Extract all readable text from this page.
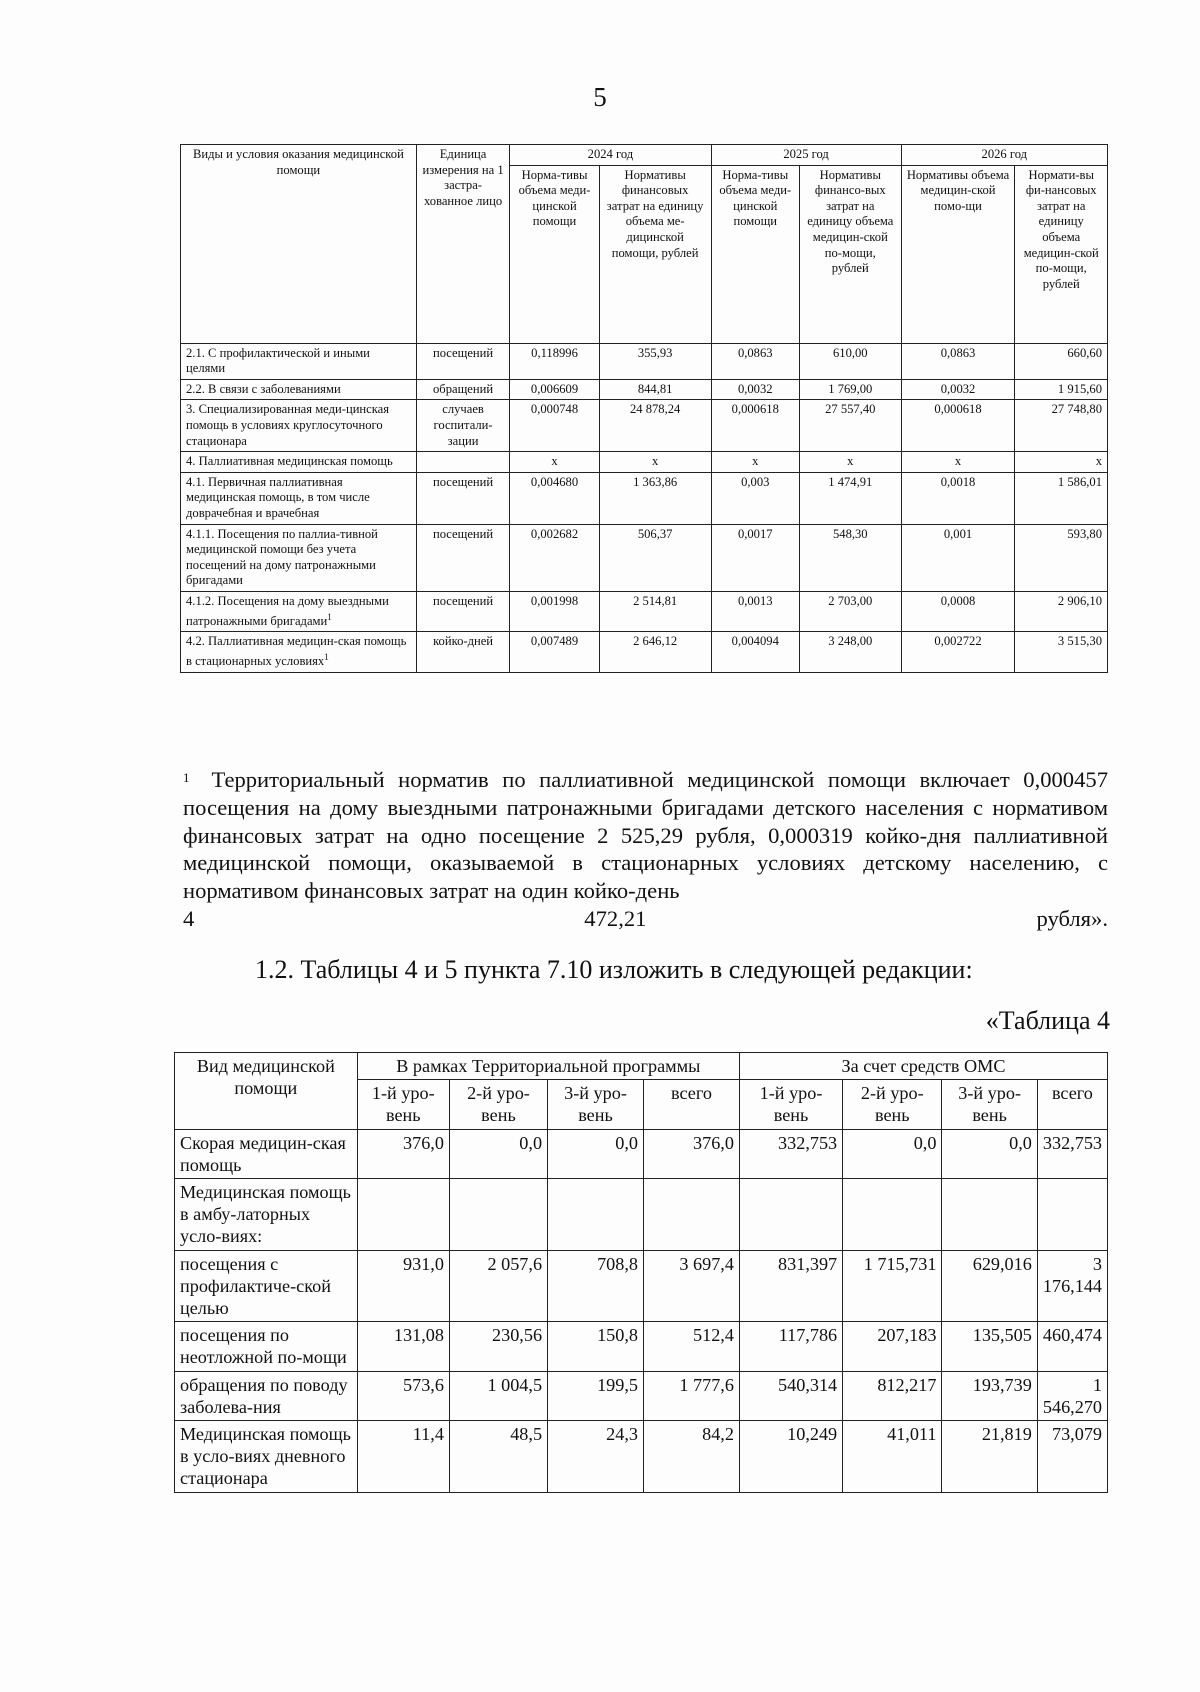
5
Виды и условия оказания медицинской помощи	Единица измерения на 1 застра-хованное лицо	2024 год		2025 год		2026 год	
		Норма-тивы объема меди-цинской помощи	Нормативы финансовых затрат на единицу объема ме-дицинской помощи, рублей	Норма-тивы объема меди-цинской помощи	Нормативы финансо-вых затрат на единицу объема медицин-ской по-мощи, рублей	Нормативы объема медицин-ской помо-щи	Нормати-вы фи-нансовых затрат на единицу объема медицин-ской по-мощи, рублей
2.1. С профилактической и иными целями	посещений	0,118996	355,93	0,0863	610,00	0,0863	660,60
2.2. В связи с заболеваниями	обращений	0,006609	844,81	0,0032	1 769,00	0,0032	1 915,60
3. Специализированная меди-цинская помощь в условиях круглосуточного стационара	случаев госпитали-зации	0,000748	24 878,24	0,000618	27 557,40	0,000618	27 748,80
4. Паллиативная медицинская помощь		х	х	х	х	х	х
4.1. Первичная паллиативная медицинская помощь, в том числе доврачебная и врачебная	посещений	0,004680	1 363,86	0,003	1 474,91	0,0018	1 586,01
4.1.1. Посещения по паллиа-тивной медицинской помощи без учета посещений на дому патронажными бригадами	посещений	0,002682	506,37	0,0017	548,30	0,001	593,80
4.1.2. Посещения на дому выездными патронажными бригадами$^1$	посещений	0,001998	2 514,81	0,0013	2 703,00	0,0008	2 906,10
4.2. Паллиативная медицин-ская помощь в стационарных условиях$^1$	койко-дней	0,007489	2 646,12	0,004094	3 248,00	0,002722	3 515,30
$^1$ Территориальный норматив по паллиативной медицинской помощи включает 0,000457 посещения на дому выездными патронажными бригадами детского населения с нормативом финансовых затрат на одно посещение 2 525,29 рубля, 0,000319 койко-дня паллиативной медицинской помощи, оказываемой в стационарных условиях детскому населению, с нормативом финансовых затрат на один койко-день
4 472,21 рубля».
1.2. Таблицы 4 и 5 пункта 7.10 изложить в следующей редакции:
«Таблица 4
Вид медицинской помощи	В рамках Территориальной программы				За счет средств ОМС			
	1-й уро-вень	2-й уро-вень	3-й уро-вень	всего	1-й уро-вень	2-й уро-вень	3-й уро-вень	всего
Скорая медицин-ская помощь	376,0	0,0	0,0	376,0	332,753	0,0	0,0	332,753
Медицинская помощь в амбу-латорных усло-виях:								
посещения с профилактиче-ской целью	931,0	2 057,6	708,8	3 697,4	831,397	1 715,731	629,016	3 176,144
посещения по неотложной по-мощи	131,08	230,56	150,8	512,4	117,786	207,183	135,505	460,474
обращения по поводу заболева-ния	573,6	1 004,5	199,5	1 777,6	540,314	812,217	193,739	1 546,270
Медицинская помощь в усло-виях дневного стационара	11,4	48,5	24,3	84,2	10,249	41,011	21,819	73,079
